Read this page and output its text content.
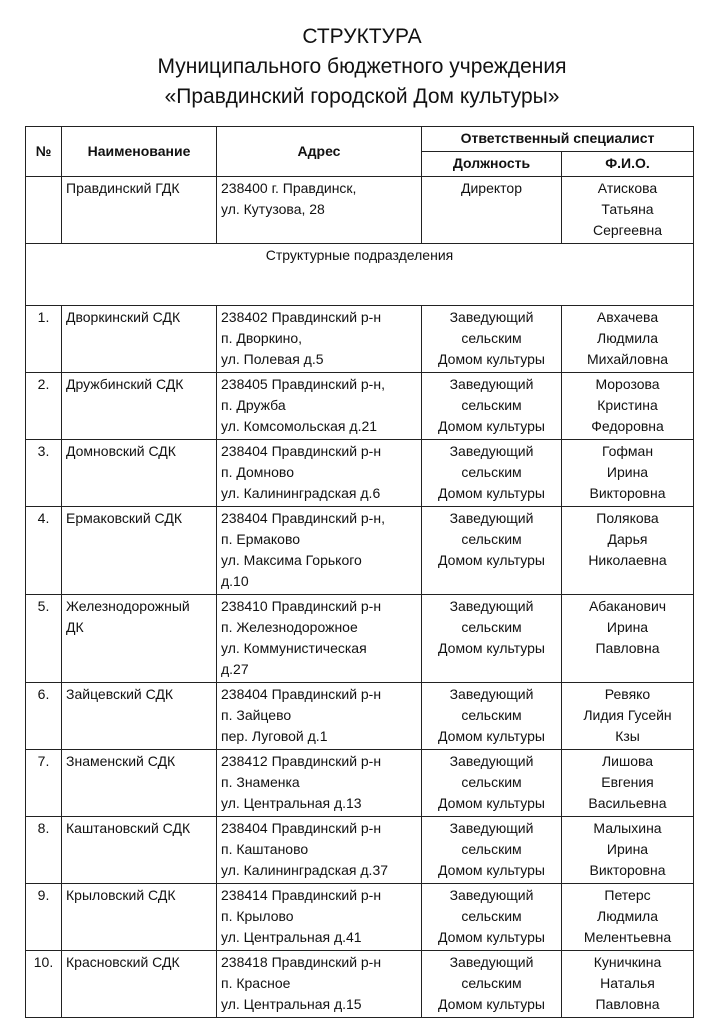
СТРУКТУРА
Муниципального бюджетного учреждения
«Правдинский городской Дом культуры»
№	Наименование	Адрес	Ответственный специалист	
			Должность	Ф.И.О.

	Правдинский ГДК	238400 г. Правдинск,
ул. Кутузова, 28	Директор	Атискова
Татьяна
Сергеевна

Структурные подразделения				
1.	Дворкинский СДК	238402 Правдинский р-н
п. Дворкино,
ул. Полевая д.5	Заведующий
сельским
Домом культуры	Авхачева
Людмила
Михайловна

2.	Дружбинский СДК	238405 Правдинский р-н,
п. Дружба
ул. Комсомольская д.21	Заведующий
сельским
Домом культуры	Морозова
Кристина
Федоровна

3.	Домновский СДК	238404 Правдинский р-н
п. Домново
ул. Калининградская д.6	Заведующий
сельским
Домом культуры	Гофман
Ирина
Викторовна

4.	Ермаковский СДК	238404 Правдинский р-н,
п. Ермаково
ул. Максима Горького
д.10	Заведующий
сельским
Домом культуры	Полякова
Дарья
Николаевна

5.	Железнодорожный
ДК	238410 Правдинский р-н
п. Железнодорожное
ул. Коммунистическая
д.27	Заведующий
сельским
Домом культуры	Абаканович
Ирина
Павловна

6.	Зайцевский СДК	238404 Правдинский р-н
п. Зайцево
пер. Луговой д.1	Заведующий
сельским
Домом культуры	Ревяко
Лидия Гусейн
Кзы

7.	Знаменский СДК	238412 Правдинский р-н
п. Знаменка
ул. Центральная д.13	Заведующий
сельским
Домом культуры	Лишова
Евгения
Васильевна

8.	Каштановский СДК	238404 Правдинский р-н
п. Каштаново
ул. Калининградская д.37	Заведующий
сельским
Домом культуры	Малыхина
Ирина
Викторовна

9.	Крыловский СДК	238414 Правдинский р-н
п. Крылово
ул. Центральная д.41	Заведующий
сельским
Домом культуры	Петерс
Людмила
Мелентьевна

10.	Красновский СДК	238418 Правдинский р-н
п. Красное
ул. Центральная д.15	Заведующий
сельским
Домом культуры	Куничкина
Наталья
Павловна
